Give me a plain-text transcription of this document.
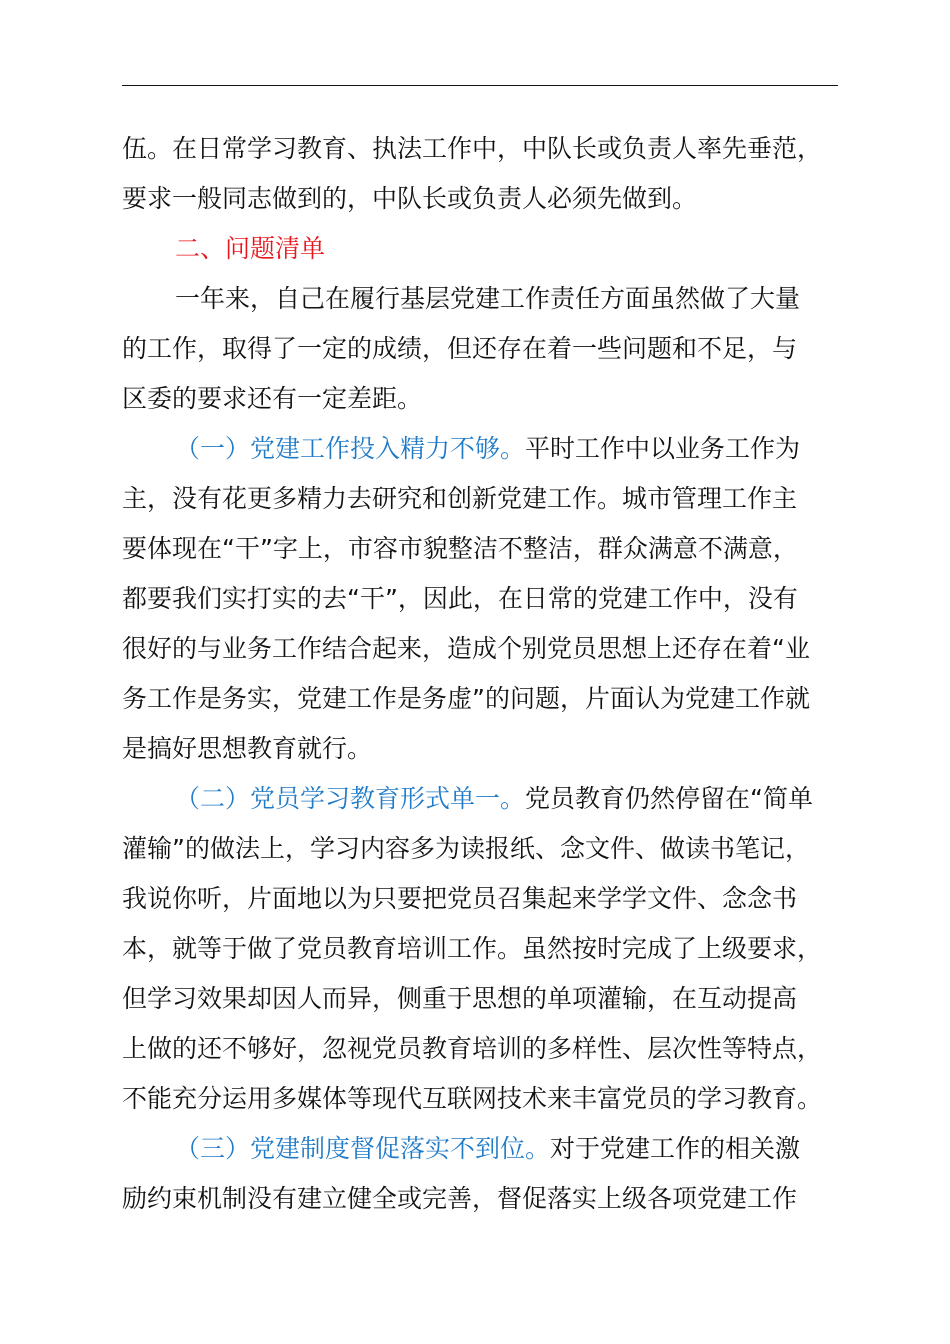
伍。在日常学习教育、执法工作中，中队长或负责人率先垂范，
要求一般同志做到的，中队长或负责人必须先做到。
二、问题清单
一年来，自己在履行基层党建工作责任方面虽然做了大量
的工作，取得了一定的成绩，但还存在着一些问题和不足，与
区委的要求还有一定差距。
（一）党建工作投入精力不够。平时工作中以业务工作为
主，没有花更多精力去研究和创新党建工作。城市管理工作主
要体现在“干”字上，市容市貌整洁不整洁，群众满意不满意，
都要我们实打实的去“干”，因此，在日常的党建工作中，没有
很好的与业务工作结合起来，造成个别党员思想上还存在着“业
务工作是务实，党建工作是务虚”的问题，片面认为党建工作就
是搞好思想教育就行。
（二）党员学习教育形式单一。党员教育仍然停留在“简单
灌输”的做法上，学习内容多为读报纸、念文件、做读书笔记，
我说你听，片面地以为只要把党员召集起来学学文件、念念书
本，就等于做了党员教育培训工作。虽然按时完成了上级要求，
但学习效果却因人而异，侧重于思想的单项灌输，在互动提高
上做的还不够好，忽视党员教育培训的多样性、层次性等特点，
不能充分运用多媒体等现代互联网技术来丰富党员的学习教育。
（三）党建制度督促落实不到位。对于党建工作的相关激
励约束机制没有建立健全或完善，督促落实上级各项党建工作
